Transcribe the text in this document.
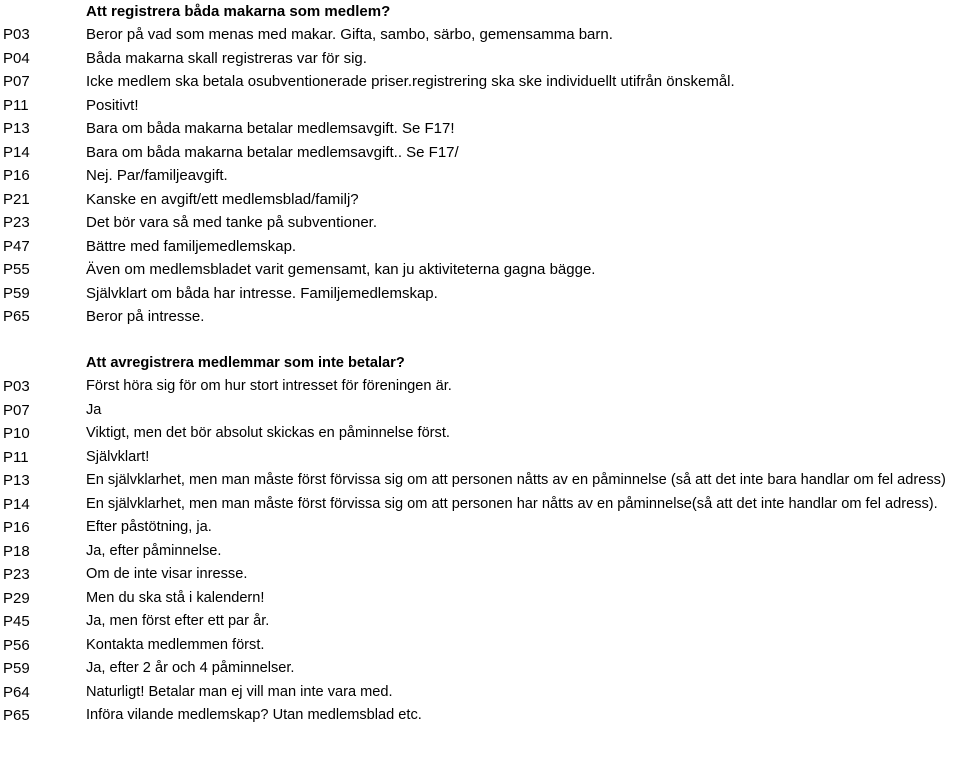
Att registrera båda makarna som medlem?
P03	Beror på vad som menas med makar. Gifta, sambo, särbo, gemensamma barn.
P04	Båda makarna skall registreras var för sig.
P07	Icke medlem ska betala osubventionerade priser.registrering ska ske individuellt utifrån önskemål.
P11	Positivt!
P13	Bara om båda makarna betalar medlemsavgift. Se F17!
P14	Bara om båda makarna betalar medlemsavgift.. Se F17/
P16	Nej. Par/familjeavgift.
P21	Kanske en avgift/ett medlemsblad/familj?
P23	Det bör vara så med tanke på subventioner.
P47	Bättre med familjemedlemskap.
P55	Även om medlemsbladet varit gemensamt, kan ju aktiviteterna gagna bägge.
P59	Självklart om båda har intresse. Familjemedlemskap.
P65	Beror på intresse.
Att avregistrera medlemmar som inte betalar?
P03	Först höra sig för om hur stort intresset för föreningen är.
P07	Ja
P10	Viktigt, men det bör absolut skickas en påminnelse först.
P11	Självklart!
P13	En självklarhet, men man måste först förvissa sig om att personen nåtts av en påminnelse (så att det inte bara handlar om fel adress)
P14	En självklarhet, men man måste först förvissa sig om att personen har nåtts av en påminnelse(så att det inte handlar om fel adress).
P16	Efter påstötning, ja.
P18	Ja, efter påminnelse.
P23	Om de inte visar inresse.
P29	Men du ska stå i kalendern!
P45	Ja, men först efter ett par år.
P56	Kontakta medlemmen först.
P59	Ja, efter 2 år och 4 påminnelser.
P64	Naturligt! Betalar man ej vill man inte vara med.
P65	Införa vilande medlemskap? Utan medlemsblad etc.
